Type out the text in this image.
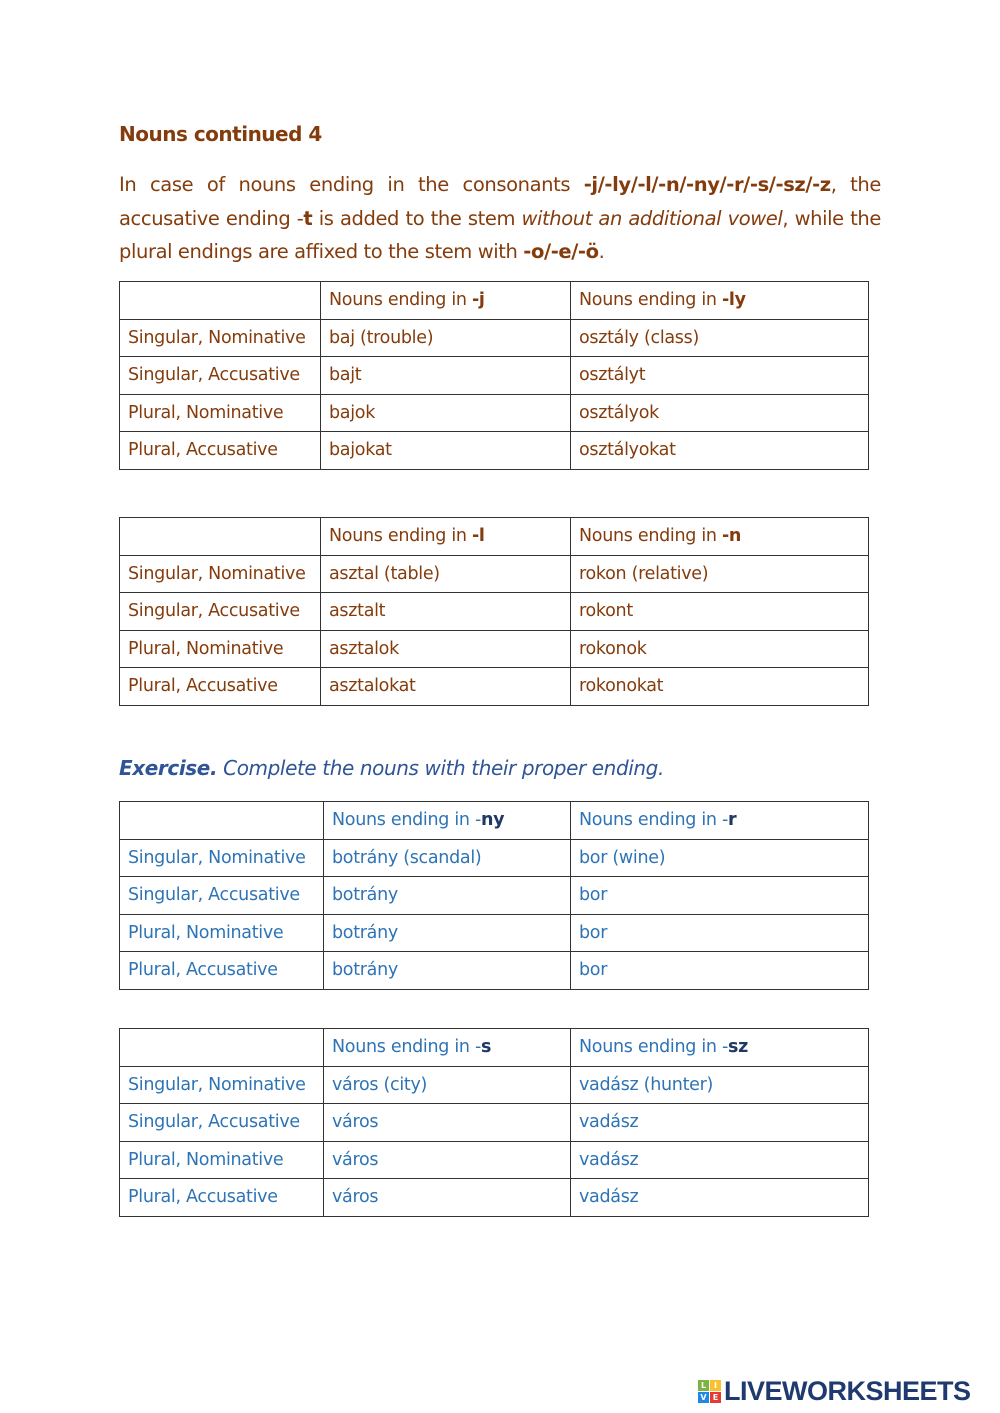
Nouns continued 4
In case of nouns ending in the consonants -j/-ly/-l/-n/-ny/-r/-s/-sz/-z, the accusative ending -t is added to the stem without an additional vowel, while the plural endings are affixed to the stem with -o/-e/-ö.
Exercise. Complete the nouns with their proper ending.
	Nouns ending in -j	Nouns ending in -ly
Singular, Nominative	baj (trouble)	osztály (class)
Singular, Accusative	bajt	osztályt
Plural, Nominative	bajok	osztályok
Plural, Accusative	bajokat	osztályokat
	Nouns ending in -l	Nouns ending in -n
Singular, Nominative	asztal (table)	rokon (relative)
Singular, Accusative	asztalt	rokont
Plural, Nominative	asztalok	rokonok
Plural, Accusative	asztalokat	rokonokat
	Nouns ending in -ny	Nouns ending in -r
Singular, Nominative	botrány (scandal)	bor (wine)
Singular, Accusative	botrány	bor
Plural, Nominative	botrány	bor
Plural, Accusative	botrány	bor
	Nouns ending in -s	Nouns ending in -sz
Singular, Nominative	város (city)	vadász (hunter)
Singular, Accusative	város	vadász
Plural, Nominative	város	vadász
Plural, Accusative	város	vadász
L I
V E LIVEWORKSHEETS
